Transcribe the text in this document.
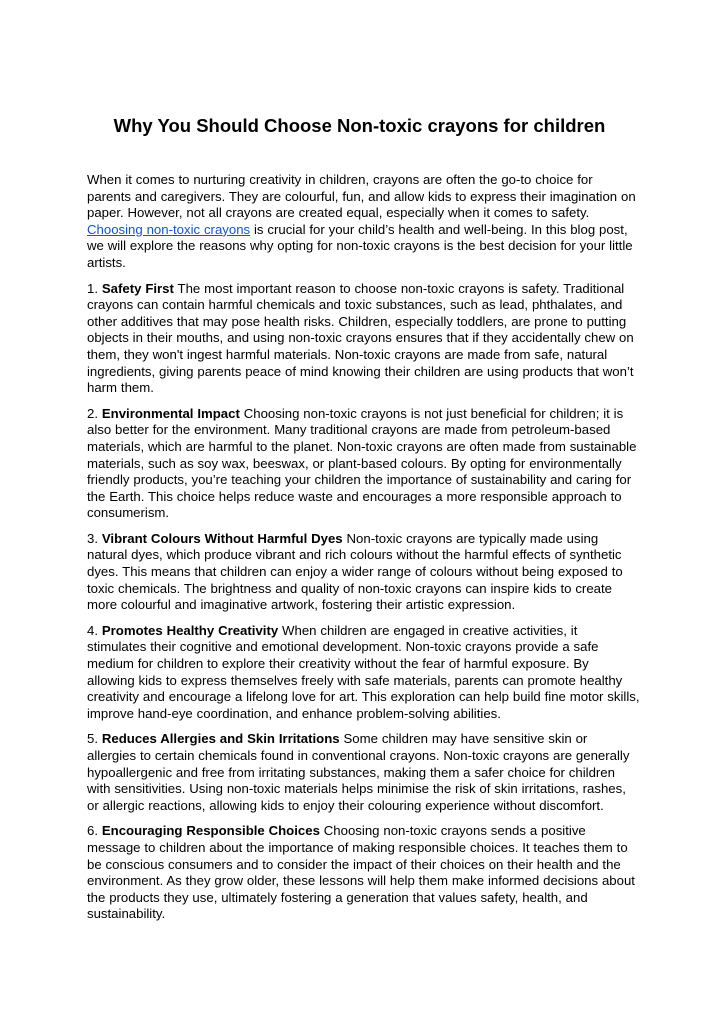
Why You Should Choose Non-toxic crayons for children

When it comes to nurturing creativity in children, crayons are often the go-to choice for parents and caregivers. They are colourful, fun, and allow kids to express their imagination on paper. However, not all crayons are created equal, especially when it comes to safety. Choosing non-toxic crayons is crucial for your child’s health and well-being. In this blog post, we will explore the reasons why opting for non-toxic crayons is the best decision for your little artists.

1. Safety First The most important reason to choose non-toxic crayons is safety. Traditional crayons can contain harmful chemicals and toxic substances, such as lead, phthalates, and other additives that may pose health risks. Children, especially toddlers, are prone to putting objects in their mouths, and using non-toxic crayons ensures that if they accidentally chew on them, they won't ingest harmful materials. Non-toxic crayons are made from safe, natural ingredients, giving parents peace of mind knowing their children are using products that won’t harm them.

2. Environmental Impact Choosing non-toxic crayons is not just beneficial for children; it is also better for the environment. Many traditional crayons are made from petroleum-based materials, which are harmful to the planet. Non-toxic crayons are often made from sustainable materials, such as soy wax, beeswax, or plant-based colours. By opting for environmentally friendly products, you’re teaching your children the importance of sustainability and caring for the Earth. This choice helps reduce waste and encourages a more responsible approach to consumerism.

3. Vibrant Colours Without Harmful Dyes Non-toxic crayons are typically made using natural dyes, which produce vibrant and rich colours without the harmful effects of synthetic dyes. This means that children can enjoy a wider range of colours without being exposed to toxic chemicals. The brightness and quality of non-toxic crayons can inspire kids to create more colourful and imaginative artwork, fostering their artistic expression.

4. Promotes Healthy Creativity When children are engaged in creative activities, it stimulates their cognitive and emotional development. Non-toxic crayons provide a safe medium for children to explore their creativity without the fear of harmful exposure. By allowing kids to express themselves freely with safe materials, parents can promote healthy creativity and encourage a lifelong love for art. This exploration can help build fine motor skills, improve hand-eye coordination, and enhance problem-solving abilities.

5. Reduces Allergies and Skin Irritations Some children may have sensitive skin or allergies to certain chemicals found in conventional crayons. Non-toxic crayons are generally hypoallergenic and free from irritating substances, making them a safer choice for children with sensitivities. Using non-toxic materials helps minimise the risk of skin irritations, rashes, or allergic reactions, allowing kids to enjoy their colouring experience without discomfort.

6. Encouraging Responsible Choices Choosing non-toxic crayons sends a positive message to children about the importance of making responsible choices. It teaches them to be conscious consumers and to consider the impact of their choices on their health and the environment. As they grow older, these lessons will help them make informed decisions about the products they use, ultimately fostering a generation that values safety, health, and sustainability.
